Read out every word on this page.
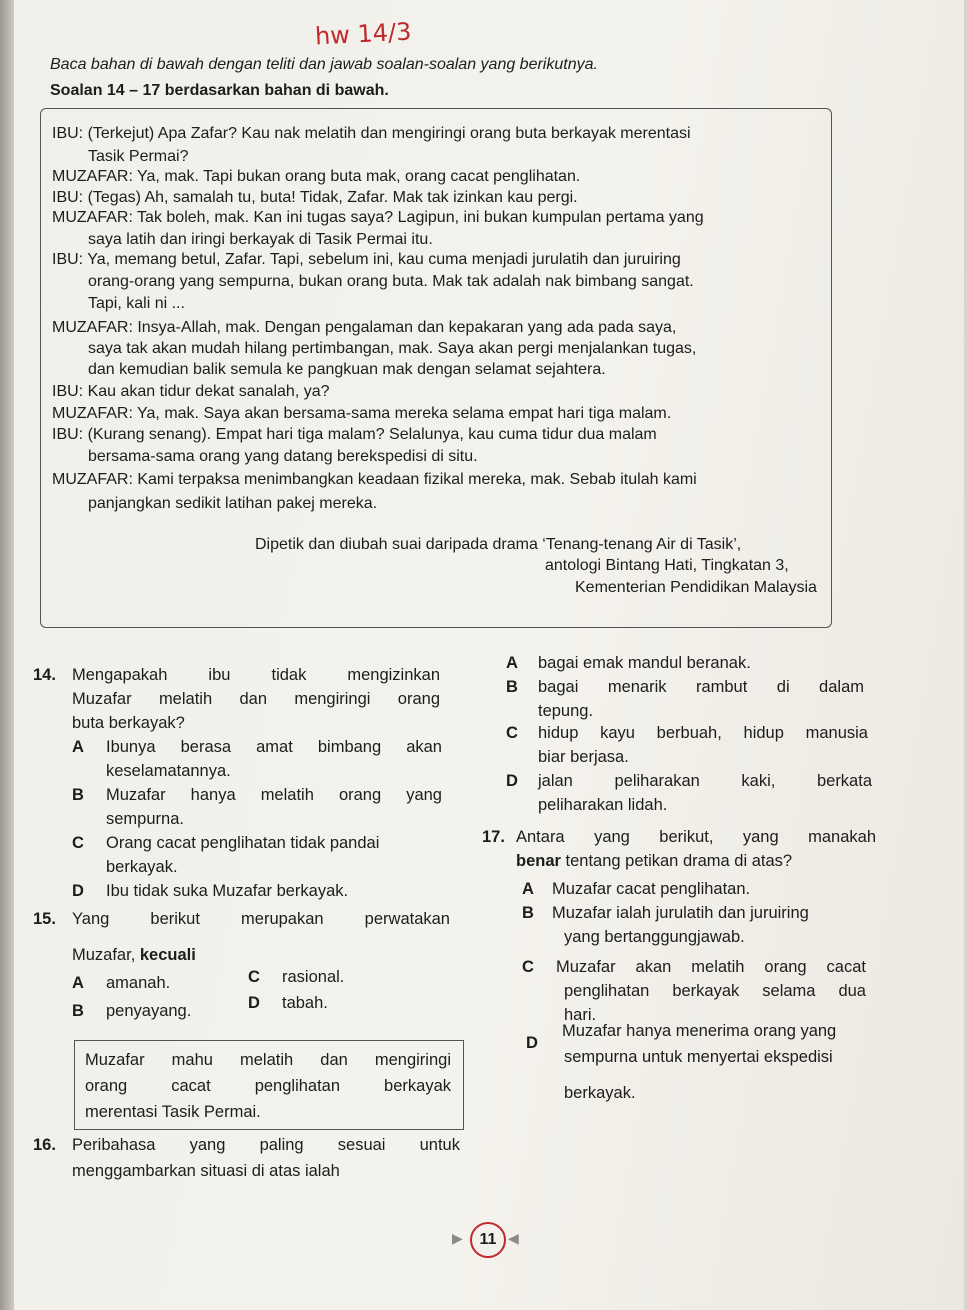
hw 14/3
Baca bahan di bawah dengan teliti dan jawab soalan-soalan yang berikutnya.
Soalan 14 – 17 berdasarkan bahan di bawah.
IBU: (Terkejut) Apa Zafar? Kau nak melatih dan mengiringi orang buta berkayak merentasi
Tasik Permai?
MUZAFAR: Ya, mak. Tapi bukan orang buta mak, orang cacat penglihatan.
IBU: (Tegas) Ah, samalah tu, buta! Tidak, Zafar. Mak tak izinkan kau pergi.
MUZAFAR: Tak boleh, mak. Kan ini tugas saya? Lagipun, ini bukan kumpulan pertama yang
saya latih dan iringi berkayak di Tasik Permai itu.
IBU: Ya, memang betul, Zafar. Tapi, sebelum ini, kau cuma menjadi jurulatih dan juruiring
orang-orang yang sempurna, bukan orang buta. Mak tak adalah nak bimbang sangat.
Tapi, kali ni ...
MUZAFAR: Insya-Allah, mak. Dengan pengalaman dan kepakaran yang ada pada saya,
saya tak akan mudah hilang pertimbangan, mak. Saya akan pergi menjalankan tugas,
dan kemudian balik semula ke pangkuan mak dengan selamat sejahtera.
IBU: Kau akan tidur dekat sanalah, ya?
MUZAFAR: Ya, mak. Saya akan bersama-sama mereka selama empat hari tiga malam.
IBU: (Kurang senang). Empat hari tiga malam? Selalunya, kau cuma tidur dua malam
bersama-sama orang yang datang berekspedisi di situ.
MUZAFAR: Kami terpaksa menimbangkan keadaan fizikal mereka, mak. Sebab itulah kami
panjangkan sedikit latihan pakej mereka.
Dipetik dan diubah suai daripada drama ‘Tenang-tenang Air di Tasik’,
antologi Bintang Hati, Tingkatan 3,
Kementerian Pendidikan Malaysia
14. Mengapakah ibu tidak mengizinkan
Muzafar melatih dan mengiringi orang
buta berkayak?
A Ibunya berasa amat bimbang akan
keselamatannya.
B Muzafar hanya melatih orang yang
sempurna.
C Orang cacat penglihatan tidak pandai
berkayak.
D Ibu tidak suka Muzafar berkayak.
15. Yang berikut merupakan perwatakan
Muzafar, kecuali
A amanah.	C rasional.
B penyayang.	D tabah.
Muzafar mahu melatih dan mengiringi
orang cacat penglihatan berkayak
merentasi Tasik Permai.
16. Peribahasa yang paling sesuai untuk
menggambarkan situasi di atas ialah
A bagai emak mandul beranak.
B bagai menarik rambut di dalam
tepung.
C hidup kayu berbuah, hidup manusia
biar berjasa.
D jalan peliharakan kaki, berkata
peliharakan lidah.
17. Antara yang berikut, yang manakah
benar tentang petikan drama di atas?
A Muzafar cacat penglihatan.
B Muzafar ialah jurulatih dan juruiring
yang bertanggungjawab.
C Muzafar akan melatih orang cacat
penglihatan berkayak selama dua
hari.
D
Muzafar hanya menerima orang yang
sempurna untuk menyertai ekspedisi
berkayak.
▶	11 ◀
